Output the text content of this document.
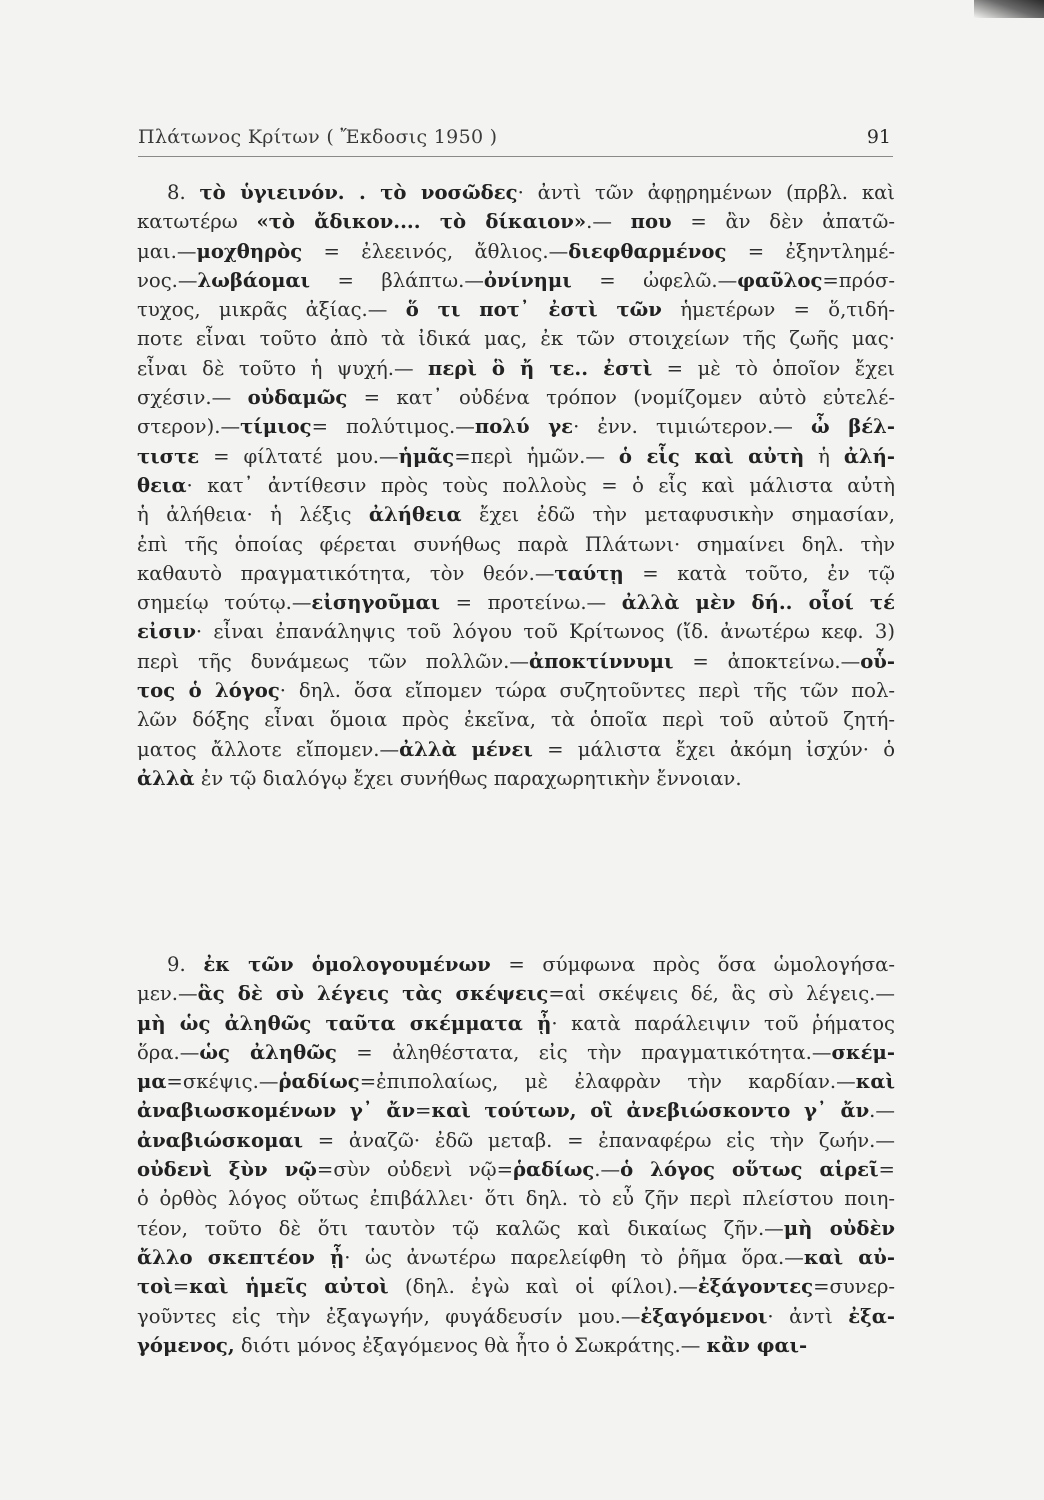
Πλάτωνος Κρίτων ( Ἔκδοσις 1950 )	91
8. τὸ ὑγιεινόν. . τὸ νοσῶδες· ἀντὶ τῶν ἀφῃρημένων (πρβλ. καὶ
κατωτέρω «τὸ ἄδικον.... τὸ δίκαιον».— που = ἂν δὲν ἀπατῶ-
μαι.—μοχθηρὸς = ἐλεεινός, ἄθλιος.—διεφθαρμένος = ἐξηντλημέ-
νος.—λωβάομαι = βλάπτω.—ὀνίνημι = ὠφελῶ.—φαῦλος=πρόσ-
τυχος, μικρᾶς ἀξίας.— ὅ τι ποτ᾿ ἐστὶ τῶν ἡμετέρων = ὅ,τιδή-
ποτε εἶναι τοῦτο ἀπὸ τὰ ἰδικά μας, ἐκ τῶν στοιχείων τῆς ζωῆς μας·
εἶναι δὲ τοῦτο ἡ ψυχή.— περὶ ὃ ἤ τε.. ἐστὶ = μὲ τὸ ὁποῖον ἔχει
σχέσιν.— οὐδαμῶς = κατ᾿ οὐδένα τρόπον (νομίζομεν αὐτὸ εὐτελέ-
στερον).—τίμιος= πολύτιμος.—πολύ γε· ἐνν. τιμιώτερον.— ὦ βέλ-
τιστε = φίλτατέ μου.—ἡμᾶς=περὶ ἡμῶν.— ὁ εἷς καὶ αὐτὴ ἡ ἀλή-
θεια· κατ᾿ ἀντίθεσιν πρὸς τοὺς πολλοὺς = ὁ εἷς καὶ μάλιστα αὐτὴ
ἡ ἀλήθεια· ἡ λέξις ἀλήθεια ἔχει ἐδῶ τὴν μεταφυσικὴν σημασίαν,
ἐπὶ τῆς ὁποίας φέρεται συνήθως παρὰ Πλάτωνι· σημαίνει δηλ. τὴν
καθαυτὸ πραγματικότητα, τὸν θεόν.—ταύτῃ = κατὰ τοῦτο, ἐν τῷ
σημείῳ τούτῳ.—εἰσηγοῦμαι = προτείνω.— ἀλλὰ μὲν δή.. οἷοί τέ
εἰσιν· εἶναι ἐπανάληψις τοῦ λόγου τοῦ Κρίτωνος (ἴδ. ἀνωτέρω κεφ. 3)
περὶ τῆς δυνάμεως τῶν πολλῶν.—ἀποκτίννυμι = ἀποκτείνω.—οὗ-
τος ὁ λόγος· δηλ. ὅσα εἴπομεν τώρα συζητοῦντες περὶ τῆς τῶν πολ-
λῶν δόξης εἶναι ὅμοια πρὸς ἐκεῖνα, τὰ ὁποῖα περὶ τοῦ αὐτοῦ ζητή-
ματος ἄλλοτε εἴπομεν.—ἀλλὰ μένει = μάλιστα ἔχει ἀκόμη ἰσχύν· ὁ
ἀλλὰ ἐν τῷ διαλόγῳ ἔχει συνήθως παραχωρητικὴν ἔννοιαν.
9. ἐκ τῶν ὁμολογουμένων = σύμφωνα πρὸς ὅσα ὡμολογήσα-
μεν.—ἃς δὲ σὺ λέγεις τὰς σκέψεις=αἱ σκέψεις δέ, ἃς σὺ λέγεις.—
μὴ ὡς ἀληθῶς ταῦτα σκέμματα ᾖ· κατὰ παράλειψιν τοῦ ῥήματος
ὅρα.—ὡς ἀληθῶς = ἀληθέστατα, εἰς τὴν πραγματικότητα.—σκέμ-
μα=σκέψις.—ῥαδίως=ἐπιπολαίως, μὲ ἐλαφρὰν τὴν καρδίαν.—καὶ
ἀναβιωσκομένων γ᾿ ἄν=καὶ τούτων, οἳ ἀνεβιώσκοντο γ᾿ ἄν.—
ἀναβιώσκομαι = ἀναζῶ· ἐδῶ μεταβ. = ἐπαναφέρω εἰς τὴν ζωήν.—
οὐδενὶ ξὺν νῷ=σὺν οὐδενὶ νῷ=ῥαδίως.—ὁ λόγος οὕτως αἱρεῖ=
ὁ ὀρθὸς λόγος οὕτως ἐπιβάλλει· ὅτι δηλ. τὸ εὖ ζῆν περὶ πλείστου ποιη-
τέον, τοῦτο δὲ ὅτι ταυτὸν τῷ καλῶς καὶ δικαίως ζῆν.—μὴ οὐδὲν
ἄλλο σκεπτέον ᾖ· ὡς ἀνωτέρω παρελείφθη τὸ ῥῆμα ὅρα.—καὶ αὐ-
τοὶ=καὶ ἡμεῖς αὐτοὶ (δηλ. ἐγὼ καὶ οἱ φίλοι).—ἐξάγοντες=συνερ-
γοῦντες εἰς τὴν ἐξαγωγήν, φυγάδευσίν μου.—ἐξαγόμενοι· ἀντὶ ἐξα-
γόμενος, διότι μόνος ἐξαγόμενος θὰ ἦτο ὁ Σωκράτης.— κἂν φαι-
